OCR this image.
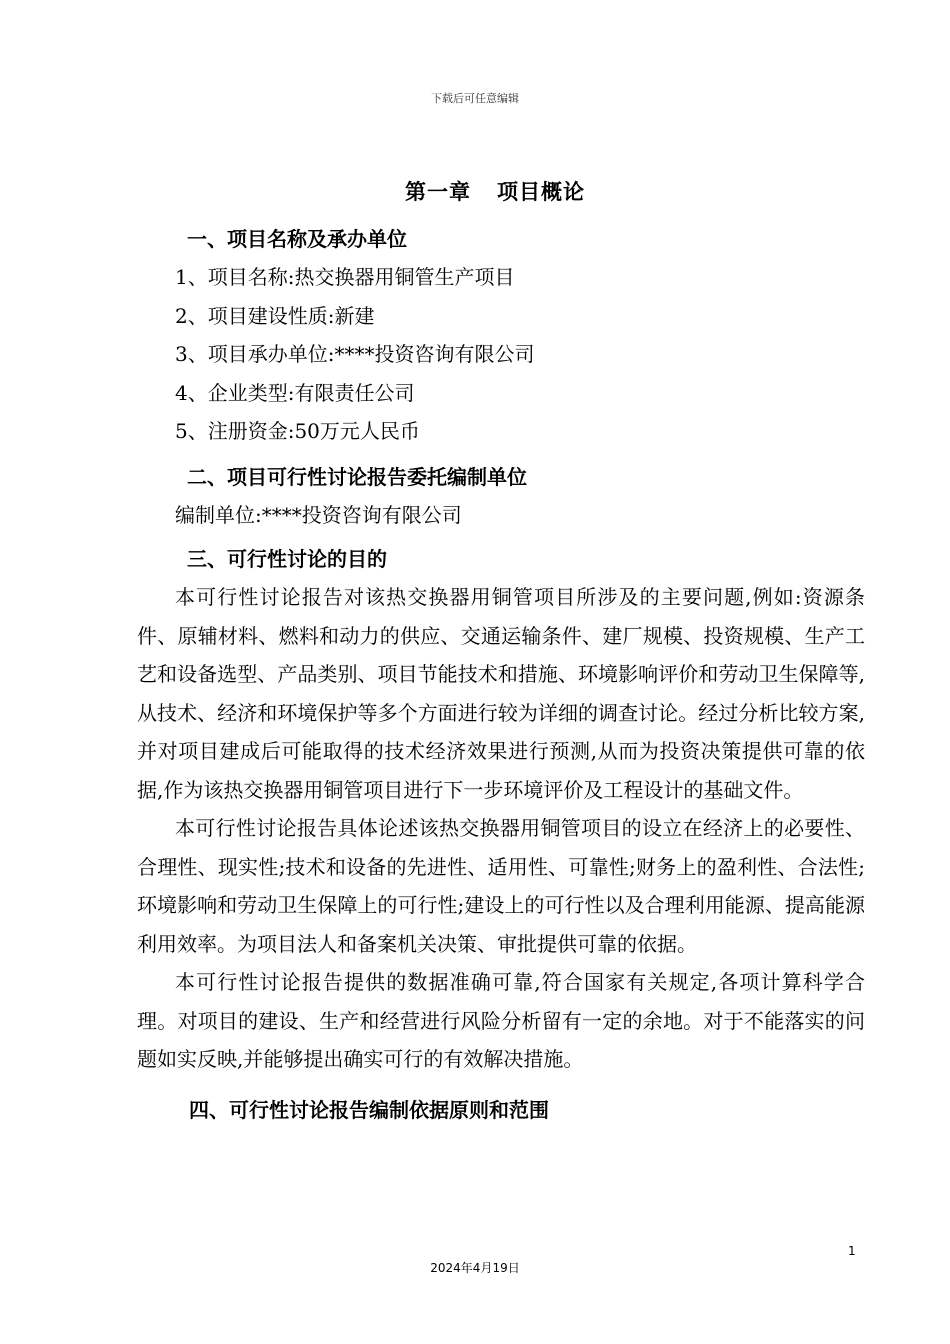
下载后可任意编辑
第一章 项目概论

一、项目名称及承办单位

1、项目名称:热交换器用铜管生产项目

2、项目建设性质:新建

3、项目承办单位:****投资咨询有限公司

4、企业类型:有限责任公司

5、注册资金:50万元人民币

二、项目可行性讨论报告委托编制单位

编制单位:****投资咨询有限公司

三、可行性讨论的目的

本可行性讨论报告对该热交换器用铜管项目所涉及的主要问题,例如:资源条件、原辅材料、燃料和动力的供应、交通运输条件、建厂规模、投资规模、生产工艺和设备选型、产品类别、项目节能技术和措施、环境影响评价和劳动卫生保障等,从技术、经济和环境保护等多个方面进行较为详细的调查讨论。经过分析比较方案,并对项目建成后可能取得的技术经济效果进行预测,从而为投资决策提供可靠的依据,作为该热交换器用铜管项目进行下一步环境评价及工程设计的基础文件。

本可行性讨论报告具体论述该热交换器用铜管项目的设立在经济上的必要性、合理性、现实性;技术和设备的先进性、适用性、可靠性;财务上的盈利性、合法性;环境影响和劳动卫生保障上的可行性;建设上的可行性以及合理利用能源、提高能源利用效率。为项目法人和备案机关决策、审批提供可靠的依据。

本可行性讨论报告提供的数据准确可靠,符合国家有关规定,各项计算科学合理。对项目的建设、生产和经营进行风险分析留有一定的余地。对于不能落实的问题如实反映,并能够提出确实可行的有效解决措施。

四、可行性讨论报告编制依据原则和范围

1
2024年4月19日
